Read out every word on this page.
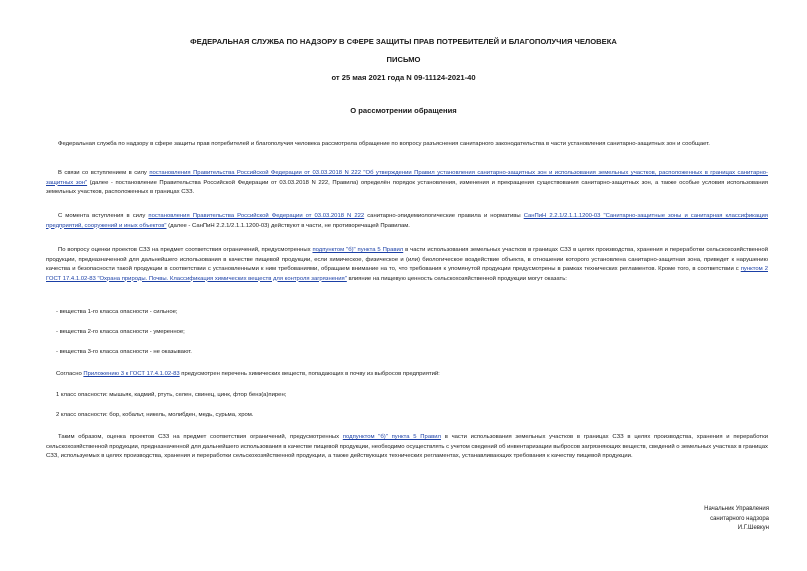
ФЕДЕРАЛЬНАЯ СЛУЖБА ПО НАДЗОРУ В СФЕРЕ ЗАЩИТЫ ПРАВ ПОТРЕБИТЕЛЕЙ И БЛАГОПОЛУЧИЯ ЧЕЛОВЕКА
ПИСЬМО
от 25 мая 2021 года N 09-11124-2021-40
О рассмотрении обращения
Федеральная служба по надзору в сфере защиты прав потребителей и благополучия человека рассмотрела обращение по вопросу разъяснения санитарного законодательства в части установления санитарно-защитных зон и сообщает.
В связи со вступлением в силу постановления Правительства Российской Федерации от 03.03.2018 N 222 "Об утверждении Правил установления санитарно-защитных зон и использования земельных участков, расположенных в границах санитарно-защитных зон" (далее - постановление Правительства Российской Федерации от 03.03.2018 N 222, Правила) определён порядок установления, изменения и прекращения существования санитарно-защитных зон, а также особые условия использования земельных участков, расположенных в границах СЗЗ.
С момента вступления в силу постановления Правительства Российской Федерации от 03.03.2018 N 222 санитарно-эпидемиологические правила и нормативы СанПиН 2.2.1/2.1.1.1200-03 "Санитарно-защитные зоны и санитарная классификация предприятий, сооружений и иных объектов" (далее - СанПиН 2.2.1/2.1.1.1200-03) действуют в части, не противоречащей Правилам.
По вопросу оценки проектов СЗЗ на предмет соответствия ограничений, предусмотренных подпунктом "б)" пункта 5 Правил в части использования земельных участков в границах СЗЗ в целях производства, хранения и переработки сельскохозяйственной продукции, предназначенной для дальнейшего использования в качестве пищевой продукции, если химическое, физическое и (или) биологическое воздействие объекта, в отношении которого установлена санитарно-защитная зона, приведет к нарушению качества и безопасности такой продукции в соответствии с установленными к ним требованиями, обращаем внимание на то, что требования к упомянутой продукции предусмотрены в рамках технических регламентов. Кроме того, в соответствии с пунктом 2 ГОСТ 17.4.1.02-83 "Охрана природы. Почвы. Классификация химических веществ для контроля загрязнения" влияние на пищевую ценность сельскохозяйственной продукции могут оказать:
- вещества 1-го класса опасности - сильное;
- вещества 2-го класса опасности - умеренное;
- вещества 3-го класса опасности - не оказывают.
Согласно Приложению 3 к ГОСТ 17.4.1.02-83 предусмотрен перечень химических веществ, попадающих в почву из выбросов предприятий:
1 класс опасности: мышьяк, кадмий, ртуть, селен, свинец, цинк, фтор бенз(а)пирен;
2 класс опасности: бор, кобальт, никель, молибден, медь, сурьма, хром.
Таким образом, оценка проектов СЗЗ на предмет соответствия ограничений, предусмотренных подпунктом "б)" пункта 5 Правил в части использования земельных участков в границах СЗЗ в целях производства, хранения и переработки сельскохозяйственной продукции, предназначенной для дальнейшего использования в качестве пищевой продукции, необходимо осуществлять с учетом сведений об инвентаризации выбросов загрязняющих веществ, сведений о земельных участках в границах СЗЗ, используемых в целях производства, хранения и переработки сельскохозяйственной продукции, а также действующих технических регламентах, устанавливающих требования к качеству пищевой продукции.
Начальник Управления
санитарного надзора
И.Г.Шевкун
